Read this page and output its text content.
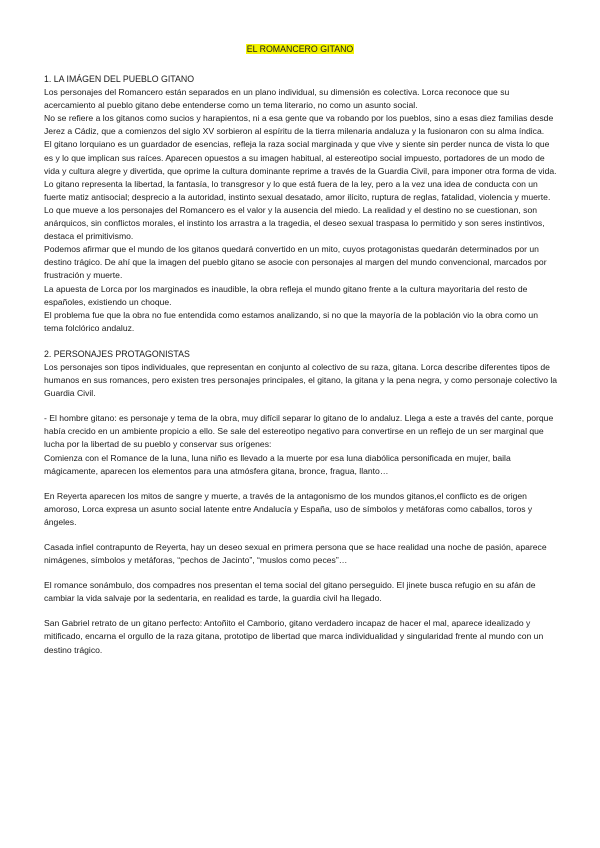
EL ROMANCERO GITANO

1. LA IMÁGEN DEL PUEBLO GITANO

Los personajes del Romancero están separados en un plano individual, su dimensión es colectiva. Lorca reconoce que su acercamiento al pueblo gitano debe entenderse como un tema literario, no como un asunto social.

No se refiere a los gitanos como sucios y harapientos, ni a esa gente que va robando por los pueblos, sino a esas diez familias desde Jerez a Cádiz, que a comienzos del siglo XV sorbieron al espíritu de la tierra milenaria andaluza y la fusionaron con su alma índica.

El gitano lorquiano es un guardador de esencias, refleja la raza social marginada y que vive y siente sin perder nunca de vista lo que es y lo que implican sus raíces. Aparecen opuestos a su imagen habitual, al estereotipo social impuesto, portadores de un modo de vida y cultura alegre y divertida, que oprime la cultura dominante reprime a través de la Guardia Civil, para imponer otra forma de vida.

Lo gitano representa la libertad, la fantasía, lo transgresor y lo que está fuera de la ley, pero a la vez una idea de conducta con un fuerte matiz antisocial; desprecio a la autoridad, instinto sexual desatado, amor ilícito, ruptura de reglas, fatalidad, violencia y muerte.

Lo que mueve a los personajes del Romancero es el valor y la ausencia del miedo. La realidad y el destino no se cuestionan, son anárquicos, sin conflictos morales, el instinto los arrastra a la tragedia, el deseo sexual traspasa lo permitido y son seres instintivos, destaca el primitivismo.

Podemos afirmar que el mundo de los gitanos quedará convertido en un mito, cuyos protagonistas quedarán determinados por un destino trágico. De ahí que la imagen del pueblo gitano se asocie con personajes al margen del mundo convencional, marcados por frustración y muerte.

La apuesta de Lorca por los marginados es inaudible, la obra refleja el mundo gitano frente a la cultura mayoritaria del resto de españoles, existiendo un choque.

El problema fue que la obra no fue entendida como estamos analizando, si no que la mayoría de la población vio la obra como un tema folclórico andaluz.

2. PERSONAJES PROTAGONISTAS

Los personajes son tipos individuales, que representan en conjunto al colectivo de su raza, gitana. Lorca describe diferentes tipos de humanos en sus romances, pero existen tres personajes principales, el gitano, la gitana y la pena negra, y como personaje colectivo la Guardia Civil.

- El hombre gitano: es personaje y tema de la obra, muy difícil separar lo gitano de lo andaluz. Llega a este a través del cante, porque había crecido en un ambiente propicio a ello. Se sale del estereotipo negativo para convertirse en un reflejo de un ser marginal que lucha por la libertad de su pueblo y conservar sus orígenes:

Comienza con el Romance de la luna, luna niño es llevado a la muerte por esa luna diabólica personificada en mujer, baila mágicamente, aparecen los elementos para una atmósfera gitana, bronce, fragua, llanto…

En Reyerta aparecen los mitos de sangre y muerte, a través de la antagonismo de los mundos gitanos,el conflicto es de origen amoroso, Lorca expresa un asunto social latente entre Andalucía y España, uso de símbolos y metáforas como caballos, toros y ángeles.

Casada infiel contrapunto de Reyerta, hay un deseo sexual en primera persona que se hace realidad una noche de pasión, aparece nimágenes, símbolos y metáforas, “pechos de Jacinto”, “muslos como peces”…

El romance sonámbulo, dos compadres nos presentan el tema social del gitano perseguido. El jinete busca refugio en su afán de cambiar la vida salvaje por la sedentaria, en realidad es tarde, la guardia civil ha llegado.

San Gabriel retrato de un gitano perfecto: Antoñito el Camborio, gitano verdadero incapaz de hacer el mal, aparece idealizado y mitificado, encarna el orgullo de la raza gitana, prototipo de libertad que marca individualidad y singularidad frente al mundo con un destino trágico.
